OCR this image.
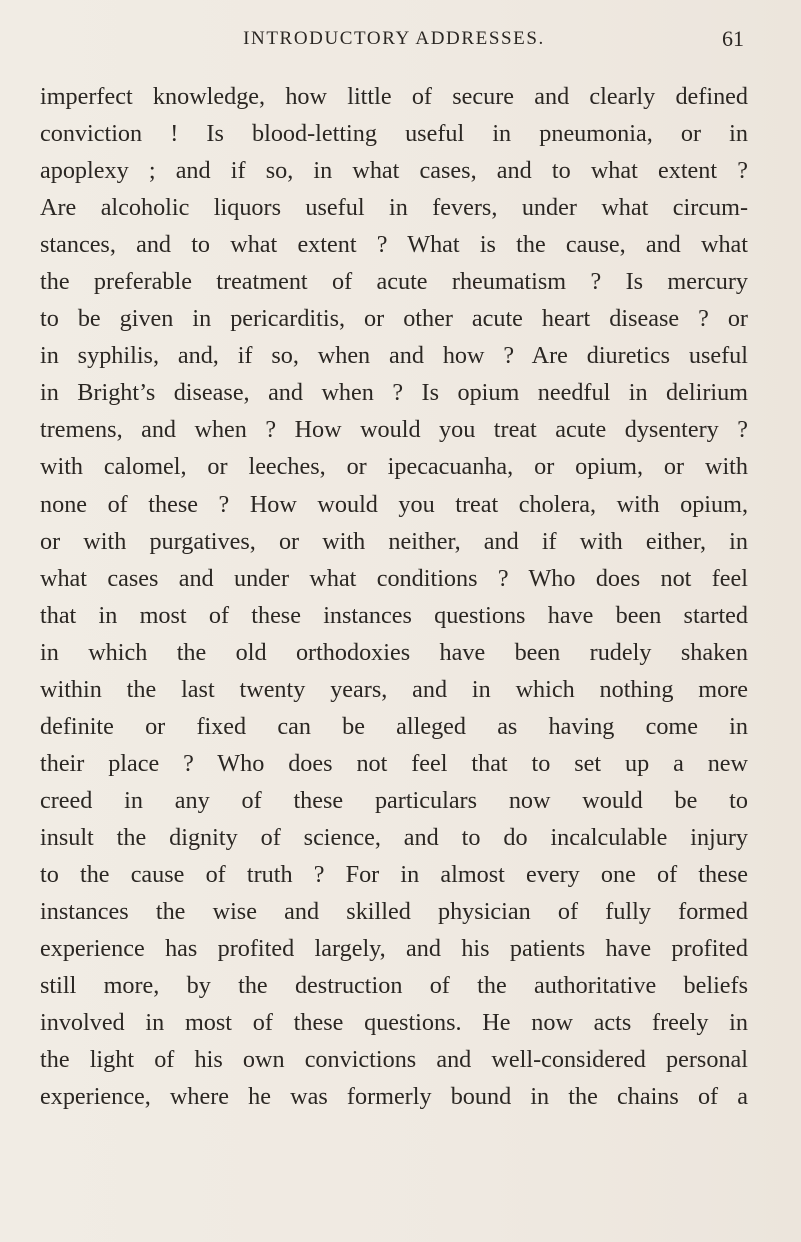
INTRODUCTORY ADDRESSES.	61
imperfect knowledge, how little of secure and clearly defined
conviction ! Is blood-letting useful in pneumonia, or in
apoplexy ; and if so, in what cases, and to what extent ?
Are alcoholic liquors useful in fevers, under what circum-
stances, and to what extent ? What is the cause, and what
the preferable treatment of acute rheumatism ? Is mercury
to be given in pericarditis, or other acute heart disease ? or
in syphilis, and, if so, when and how ? Are diuretics useful
in Bright’s disease, and when ? Is opium needful in delirium
tremens, and when ? How would you treat acute dysentery ?
with calomel, or leeches, or ipecacuanha, or opium, or with
none of these ? How would you treat cholera, with opium,
or with purgatives, or with neither, and if with either, in
what cases and under what conditions ? Who does not feel
that in most of these instances questions have been started
in which the old orthodoxies have been rudely shaken
within the last twenty years, and in which nothing more
definite or fixed can be alleged as having come in
their place ? Who does not feel that to set up a new
creed in any of these particulars now would be to
insult the dignity of science, and to do incalculable injury
to the cause of truth ? For in almost every one of these
instances the wise and skilled physician of fully formed
experience has profited largely, and his patients have profited
still more, by the destruction of the authoritative beliefs
involved in most of these questions. He now acts freely in
the light of his own convictions and well-considered personal
experience, where he was formerly bound in the chains of a
